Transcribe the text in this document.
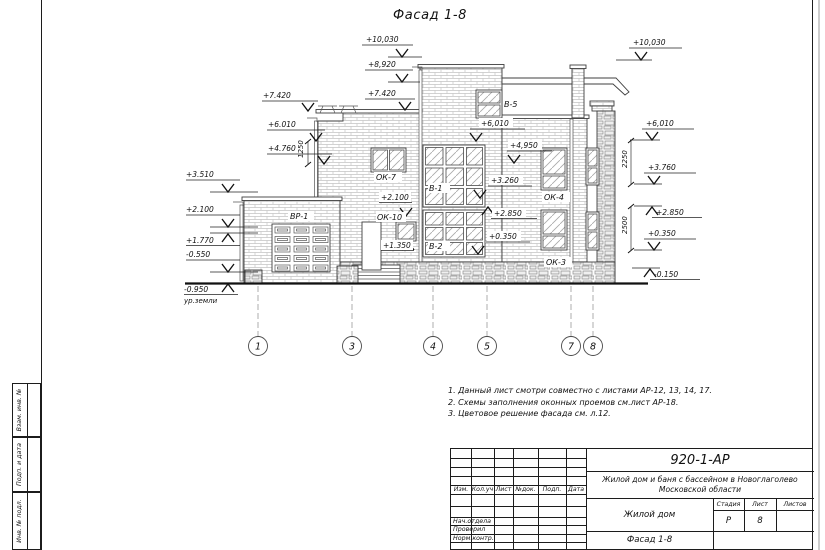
Фасад 1-8
ВР-1
ОК-7
В-1
В-2
В-5
ОК-4
ОК-3
+3.510
+2.100
+1.770
-0.550
-0.950
ур.земли
+7.420
+6.010
+4.760 1250
+10,030
+8,920
+7.420
+6,010
+4,950
+3.260
+2.850
+0.350
+2.100
ОК-10
+1.350
+10,030
+6,010
+3.760
+2.850
+0.350
-0.150
2250
2500
1	3	4	5	7 8
1. Данный лист смотри совместно с листами АР-12, 13, 14, 17.
2. Схемы заполнения оконных проемов см.лист АР-18.
3. Цветовое решение фасада см. л.12.
Изм. Кол.уч Лист №док.	Подп.	Дата
Нач.отдела
Проверил
Норм.контр.
920-1-АР
Жилой дом и баня с бассейном в Новоглаголево
Московской области
Жилой дом
Стадия	Лист	Листов
Р	8
Фасад 1-8
Взам. инв. №
Подп. и дата
Инв. № подл.
